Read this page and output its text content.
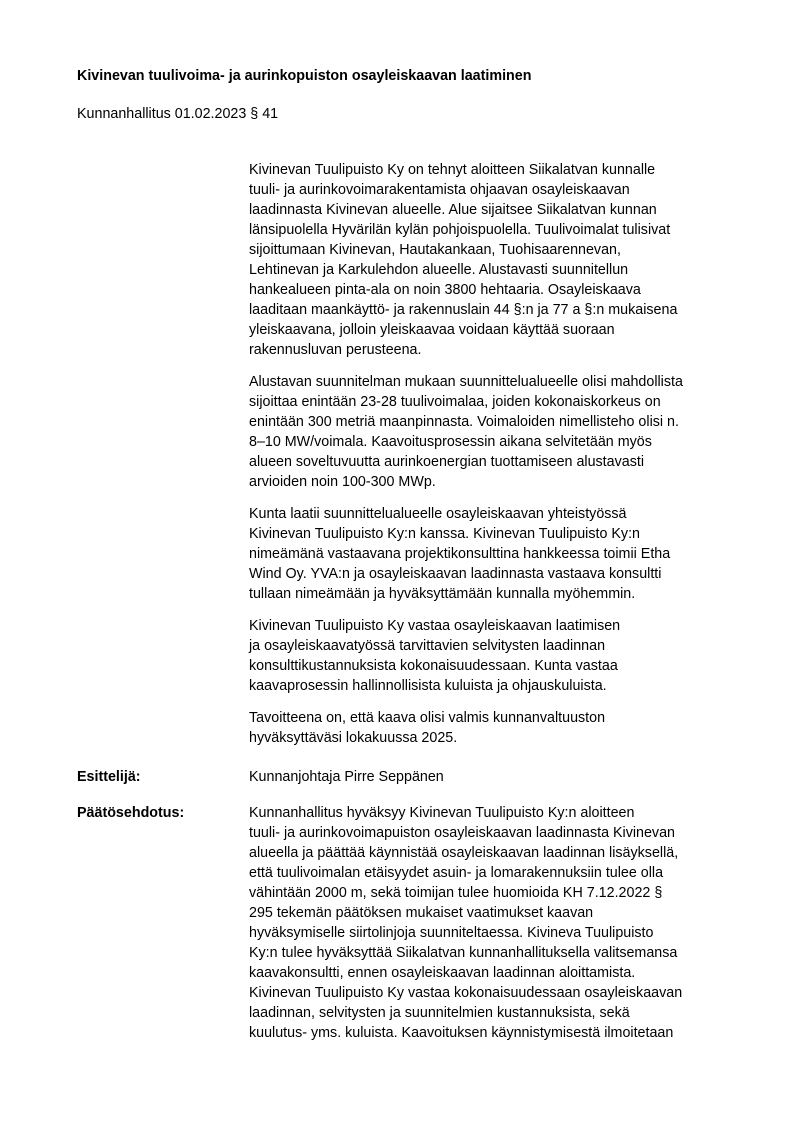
Kivinevan tuulivoima- ja aurinkopuiston osayleiskaavan laatiminen
Kunnanhallitus 01.02.2023 § 41
Kivinevan Tuulipuisto Ky on tehnyt aloitteen Siikalatvan kunnalle
tuuli- ja aurinkovoimarakentamista ohjaavan osayleiskaavan
laadinnasta Kivinevan alueelle. Alue sijaitsee Siikalatvan kunnan
länsipuolella Hyvärilän kylän pohjoispuolella. Tuulivoimalat tulisivat
sijoittumaan Kivinevan, Hautakankaan, Tuohisaarennevan,
Lehtinevan ja Karkulehdon alueelle. Alustavasti suunnitellun
hankealueen pinta-ala on noin 3800 hehtaaria. Osayleiskaava
laaditaan maankäyttö- ja rakennuslain 44 §:n ja 77 a §:n mukaisena
yleiskaavana, jolloin yleiskaavaa voidaan käyttää suoraan
rakennusluvan perusteena.
Alustavan suunnitelman mukaan suunnittelualueelle olisi mahdollista
sijoittaa enintään 23-28 tuulivoimalaa, joiden kokonaiskorkeus on
enintään 300 metriä maanpinnasta. Voimaloiden nimellisteho olisi n.
8–10 MW/voimala. Kaavoitusprosessin aikana selvitetään myös
alueen soveltuvuutta aurinkoenergian tuottamiseen alustavasti
arvioiden noin 100-300 MWp.
Kunta laatii suunnittelualueelle osayleiskaavan yhteistyössä
Kivinevan Tuulipuisto Ky:n kanssa. Kivinevan Tuulipuisto Ky:n
nimeämänä vastaavana projektikonsulttina hankkeessa toimii Etha
Wind Oy. YVA:n ja osayleiskaavan laadinnasta vastaava konsultti
tullaan nimeämään ja hyväksyttämään kunnalla myöhemmin.
Kivinevan Tuulipuisto Ky vastaa osayleiskaavan laatimisen
ja osayleiskaavatyössä tarvittavien selvitysten laadinnan
konsulttikustannuksista kokonaisuudessaan. Kunta vastaa
kaavaprosessin hallinnollisista kuluista ja ohjauskuluista.
Tavoitteena on, että kaava olisi valmis kunnanvaltuuston
hyväksyttäväsi lokakuussa 2025.
Esittelijä:	Kunnanjohtaja Pirre Seppänen
Päätösehdotus:	Kunnanhallitus hyväksyy Kivinevan Tuulipuisto Ky:n aloitteen
tuuli- ja aurinkovoimapuiston osayleiskaavan laadinnasta Kivinevan
alueella ja päättää käynnistää osayleiskaavan laadinnan lisäyksellä,
että tuulivoimalan etäisyydet asuin- ja lomarakennuksiin tulee olla
vähintään 2000 m, sekä toimijan tulee huomioida KH 7.12.2022 §
295 tekemän päätöksen mukaiset vaatimukset kaavan
hyväksymiselle siirtolinjoja suunniteltaessa. Kivineva Tuulipuisto
Ky:n tulee hyväksyttää Siikalatvan kunnanhallituksella valitsemansa
kaavakonsultti, ennen osayleiskaavan laadinnan aloittamista.
Kivinevan Tuulipuisto Ky vastaa kokonaisuudessaan osayleiskaavan
laadinnan, selvitysten ja suunnitelmien kustannuksista, sekä
kuulutus- yms. kuluista. Kaavoituksen käynnistymisestä ilmoitetaan
